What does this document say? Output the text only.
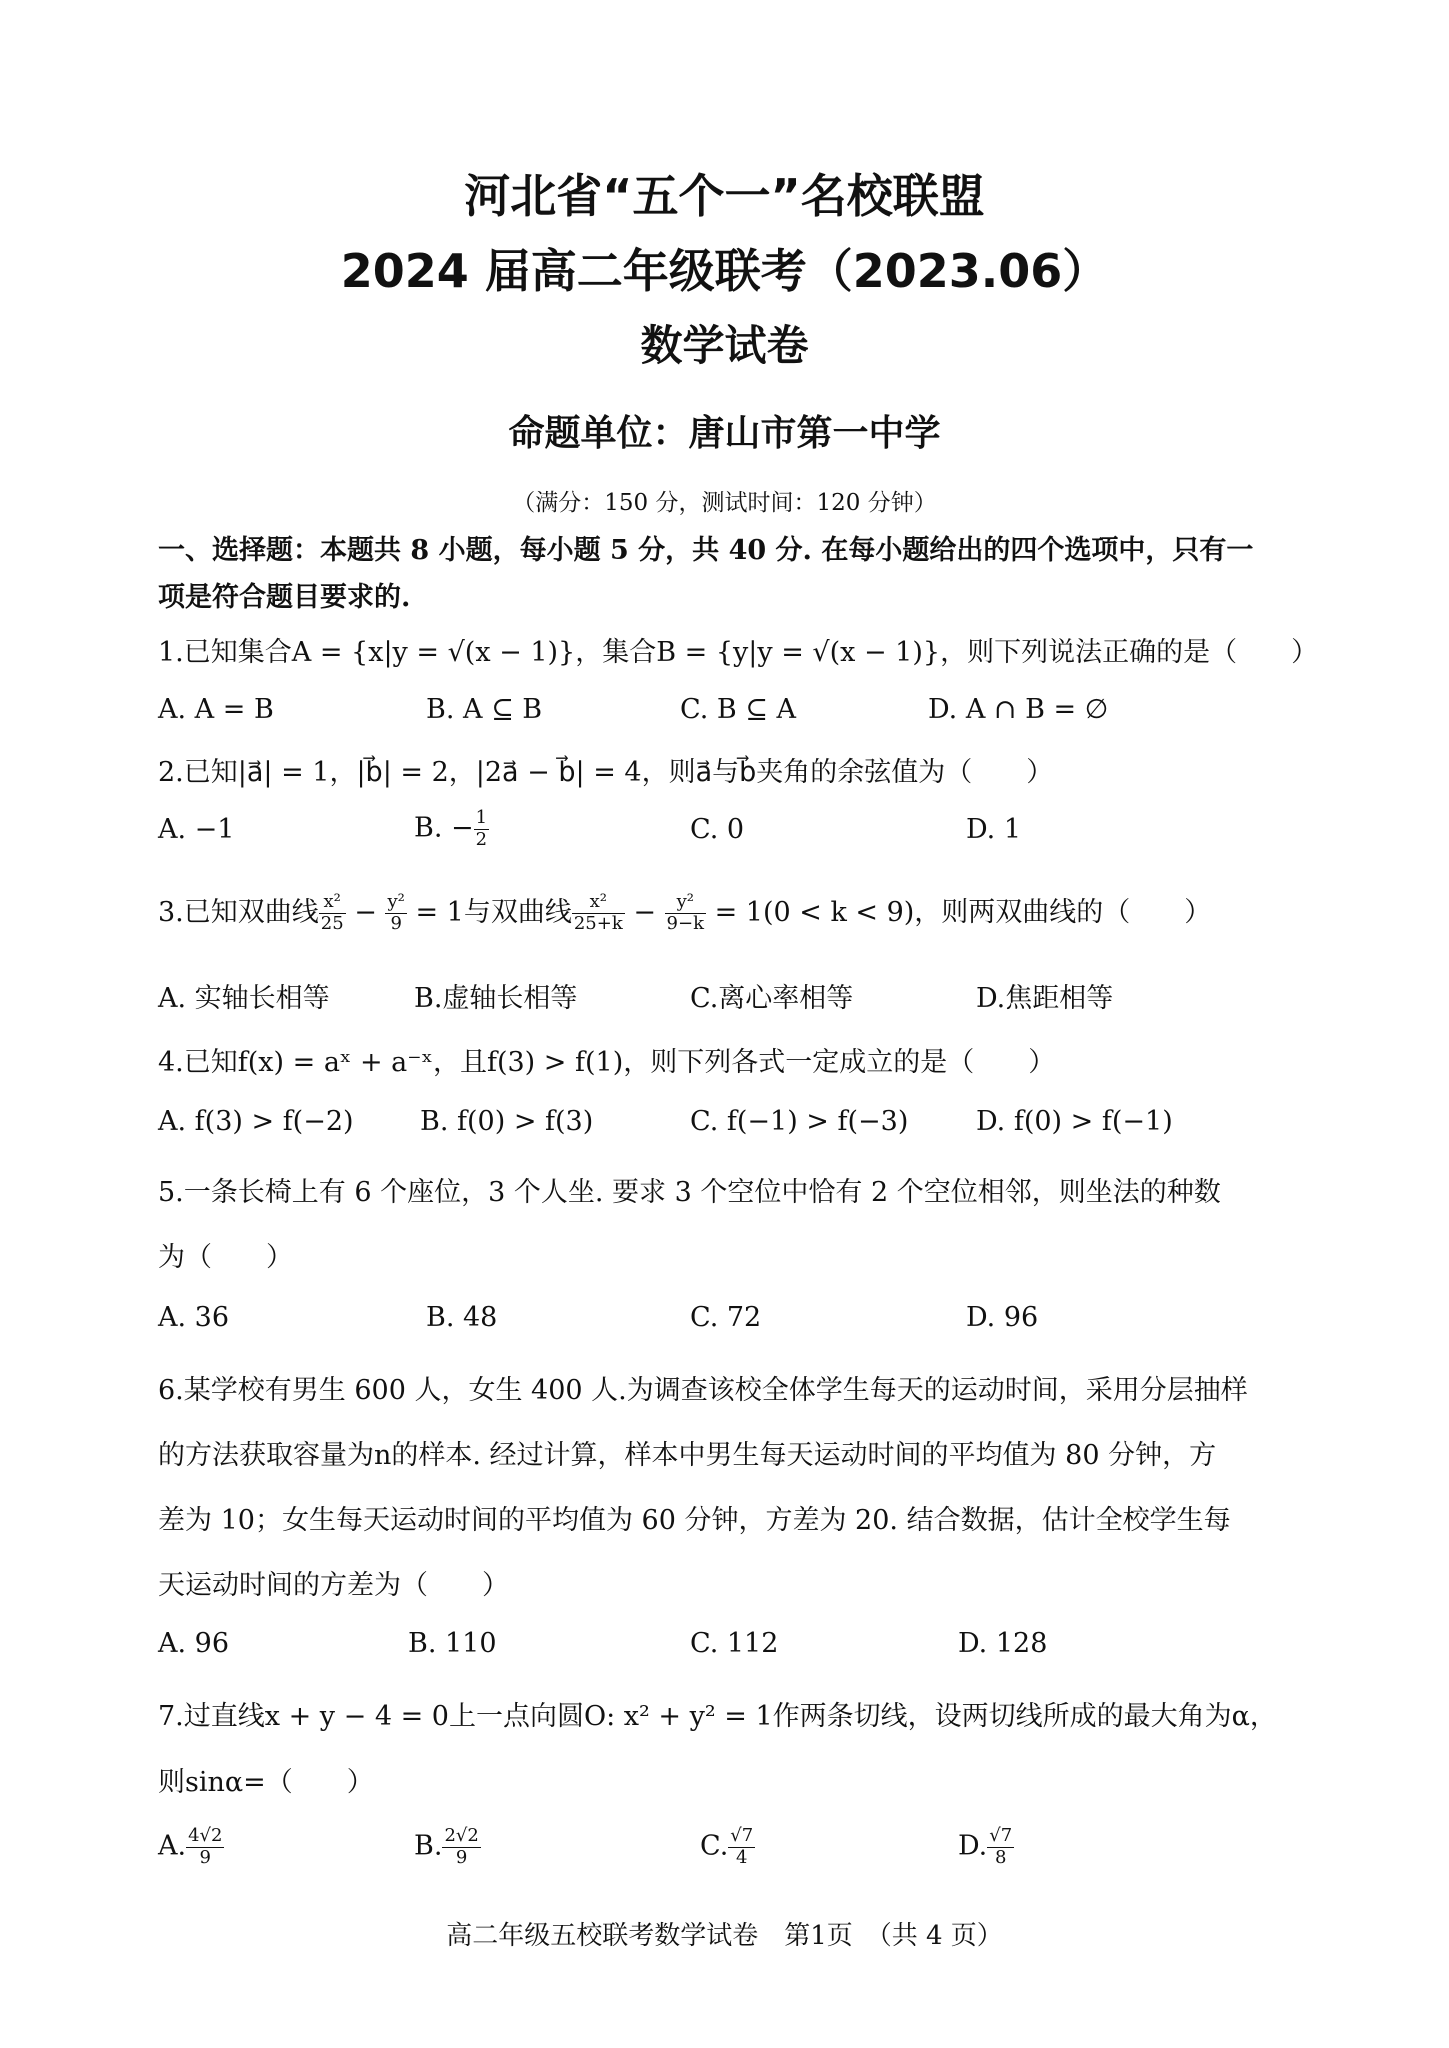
河北省“五个一”名校联盟
2024 届高二年级联考（2023.06）
数学试卷
命题单位：唐山市第一中学
（满分：150 分，测试时间：120 分钟）
一、选择题：本题共 8 小题，每小题 5 分，共 40 分. 在每小题给出的四个选项中，只有一
项是符合题目要求的.
1.已知集合A = {x|y = √(x − 1)}，集合B = {y|y = √(x − 1)}，则下列说法正确的是（　　）
A. A = B	B. A ⊆ B	C. B ⊆ A	D. A ∩ B = ∅
2.已知|a⃗| = 1，|b⃗| = 2，|2a⃗ − b⃗| = 4，则a⃗与b⃗夹角的余弦值为（　　）
A. −1	B. − $\frac{1}{2}$	C. 0	D. 1
3.已知双曲线 $\frac{\text{x²}}{25} - \frac{\text{y²}}{9} = 1$与双曲线 $\frac{\text{x²}}{25+k} - \frac{\text{y²}}{9-k} = 1(0 < k < 9)$，则两双曲线的（　　）
A. 实轴长相等	B.虚轴长相等	C.离心率相等	D.焦距相等
4.已知f(x) = aˣ + a⁻ˣ，且f(3) > f(1)，则下列各式一定成立的是（　　）
A. f(3) > f(−2) B. f(0) > f(3)	C. f(−1) > f(−3)	D. f(0) > f(−1)
5.一条长椅上有 6 个座位，3 个人坐. 要求 3 个空位中恰有 2 个空位相邻，则坐法的种数
为（　　）
A. 36	B. 48	C. 72	D. 96
6.某学校有男生 600 人，女生 400 人.为调查该校全体学生每天的运动时间，采用分层抽样
的方法获取容量为n的样本. 经过计算，样本中男生每天运动时间的平均值为 80 分钟，方
差为 10；女生每天运动时间的平均值为 60 分钟，方差为 20. 结合数据，估计全校学生每
天运动时间的方差为（　　）
A. 96	B. 110	C. 112	D. 128
7.过直线x + y − 4 = 0上一点向圆O: x² + y² = 1作两条切线，设两切线所成的最大角为α，
则sinα=（　　）
A. $\frac{4√2}{9}$	B. $\frac{2√2}{9}$	C. $\frac{√7}{4}$	D. $\frac{√7}{8}$
高二年级五校联考数学试卷　第1页　（共 4 页）
